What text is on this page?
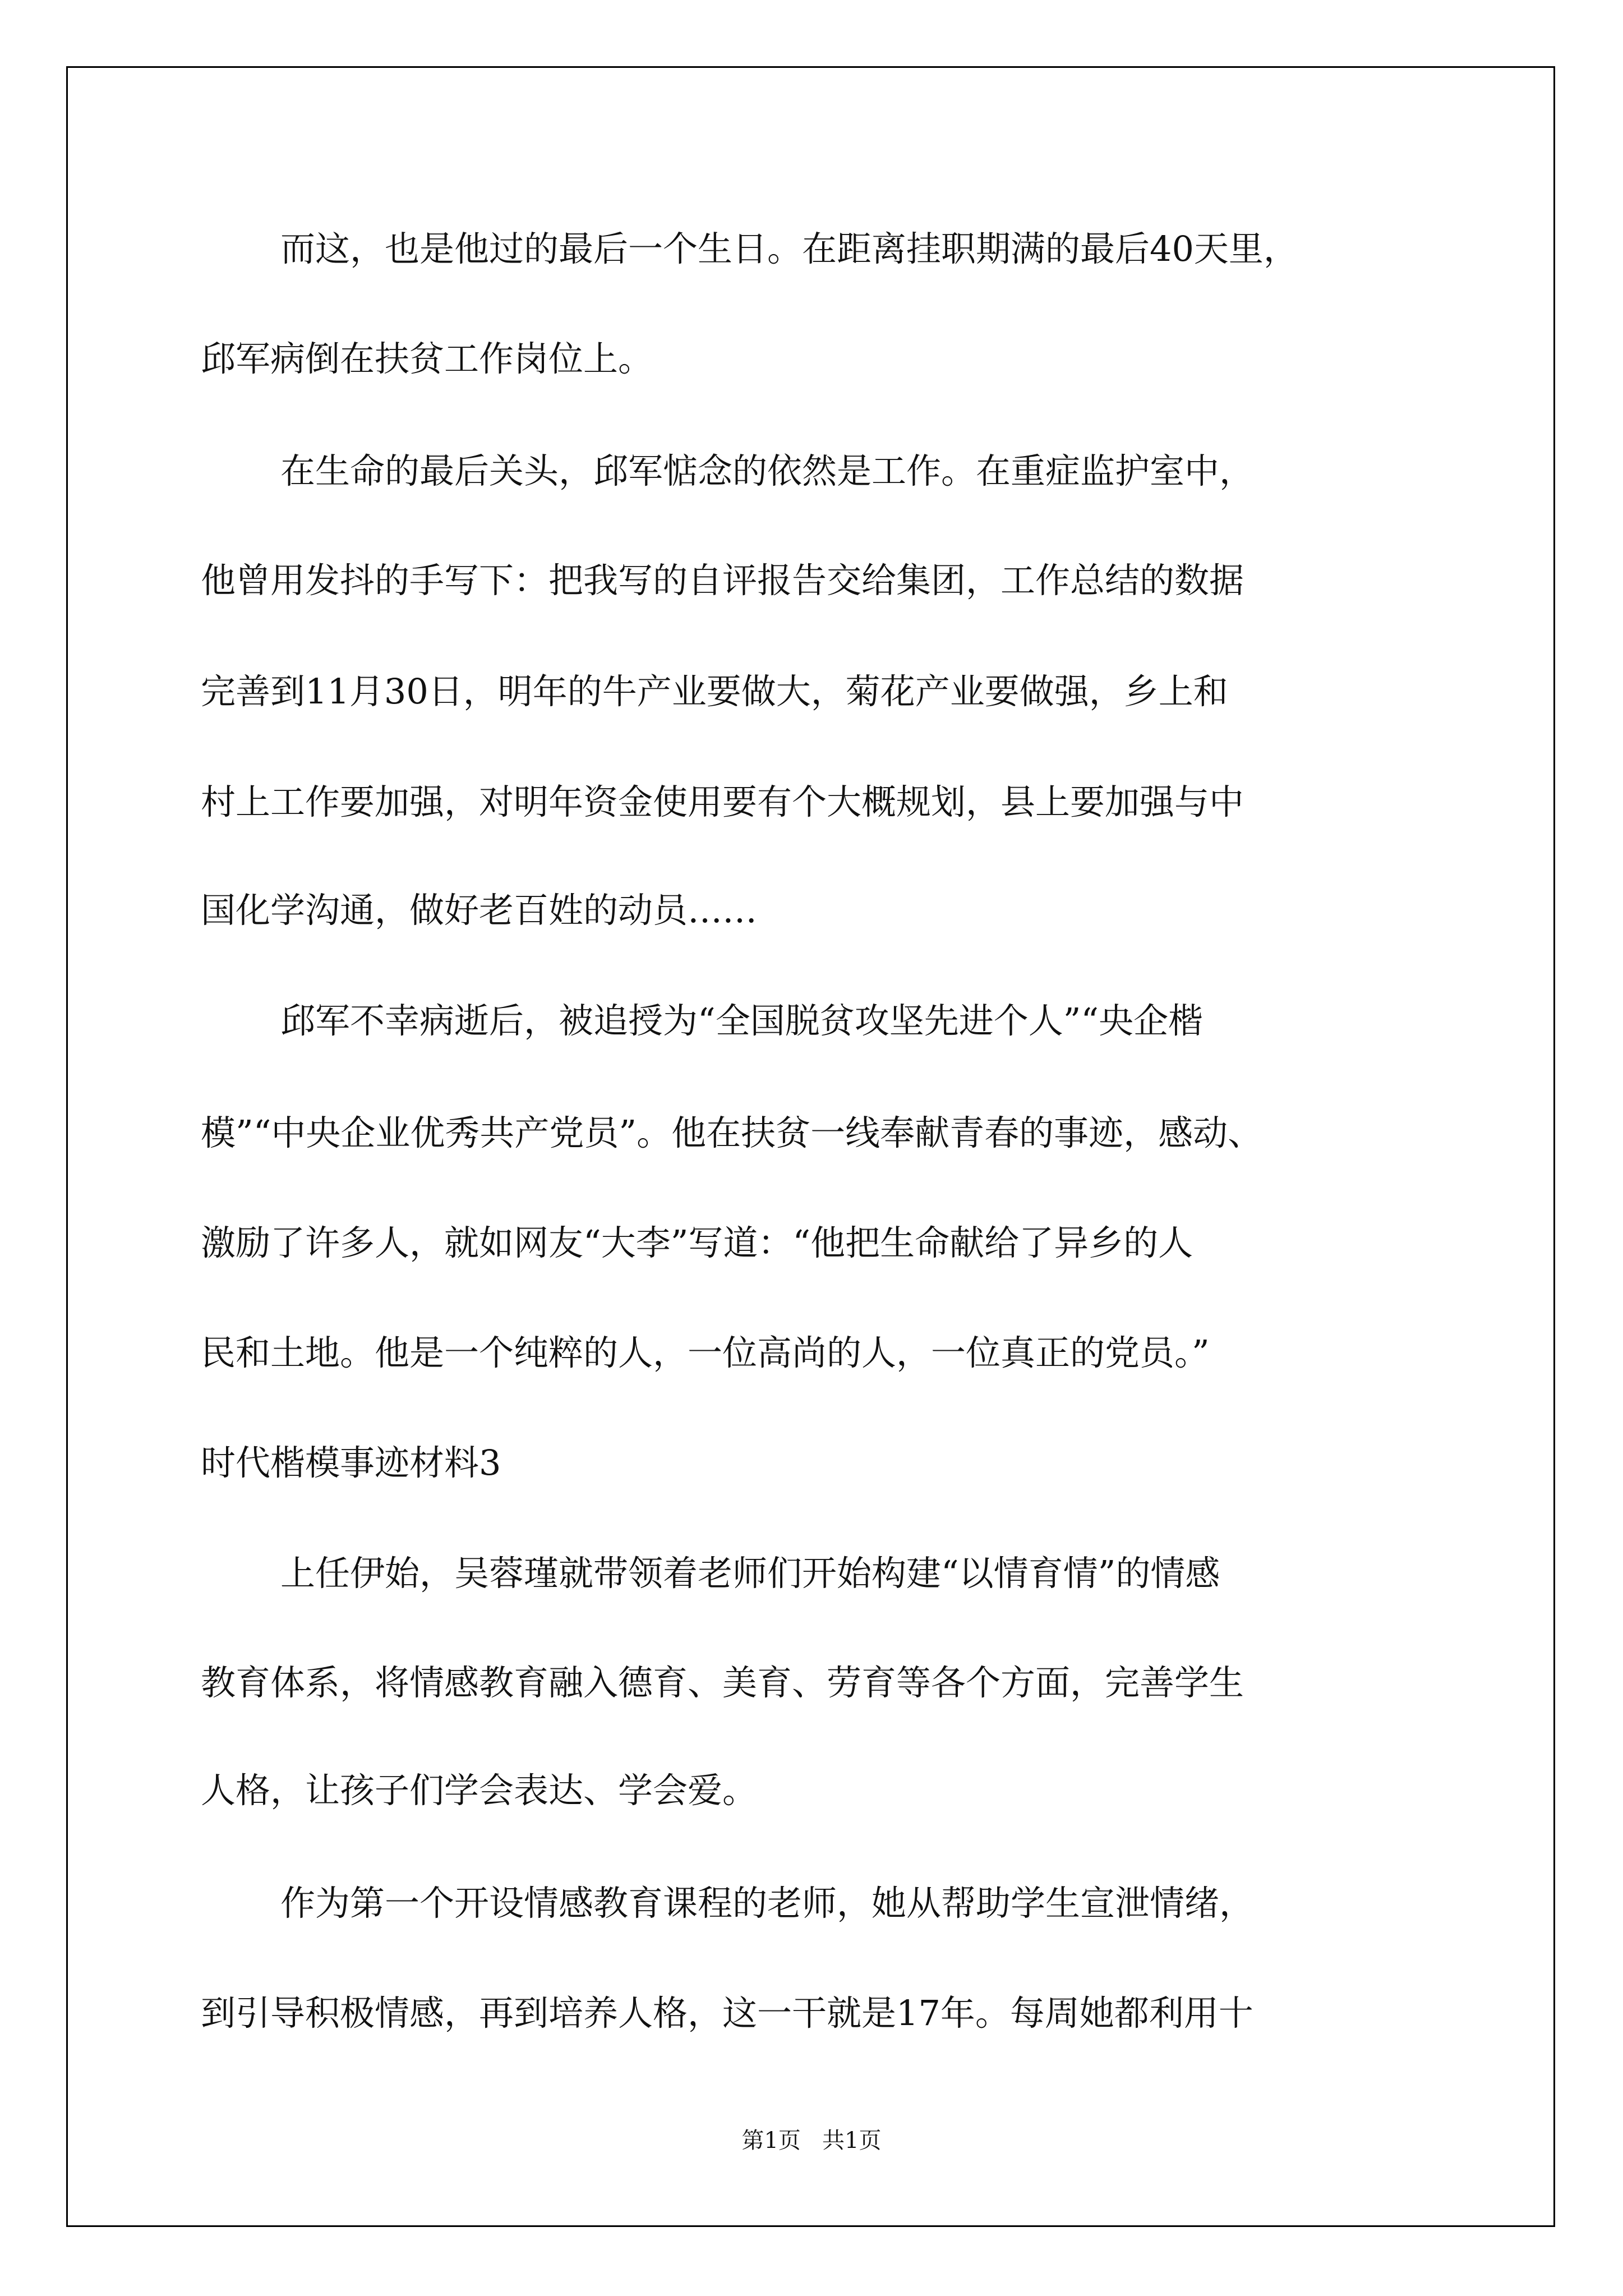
而这，也是他过的最后一个生日。在距离挂职期满的最后40天里，

邱军病倒在扶贫工作岗位上。

在生命的最后关头，邱军惦念的依然是工作。在重症监护室中，

他曾用发抖的手写下：把我写的自评报告交给集团，工作总结的数据

完善到11月30日，明年的牛产业要做大，菊花产业要做强，乡上和

村上工作要加强，对明年资金使用要有个大概规划，县上要加强与中

国化学沟通，做好老百姓的动员……

邱军不幸病逝后，被追授为“全国脱贫攻坚先进个人”“央企楷

模”“中央企业优秀共产党员”。他在扶贫一线奉献青春的事迹，感动、

激励了许多人，就如网友“大李”写道：“他把生命献给了异乡的人

民和土地。他是一个纯粹的人，一位高尚的人，一位真正的党员。”

时代楷模事迹材料3

上任伊始，吴蓉瑾就带领着老师们开始构建“以情育情”的情感

教育体系，将情感教育融入德育、美育、劳育等各个方面，完善学生

人格，让孩子们学会表达、学会爱。

作为第一个开设情感教育课程的老师，她从帮助学生宣泄情绪，

到引导积极情感，再到培养人格，这一干就是17年。每周她都利用十

第1页   共1页
